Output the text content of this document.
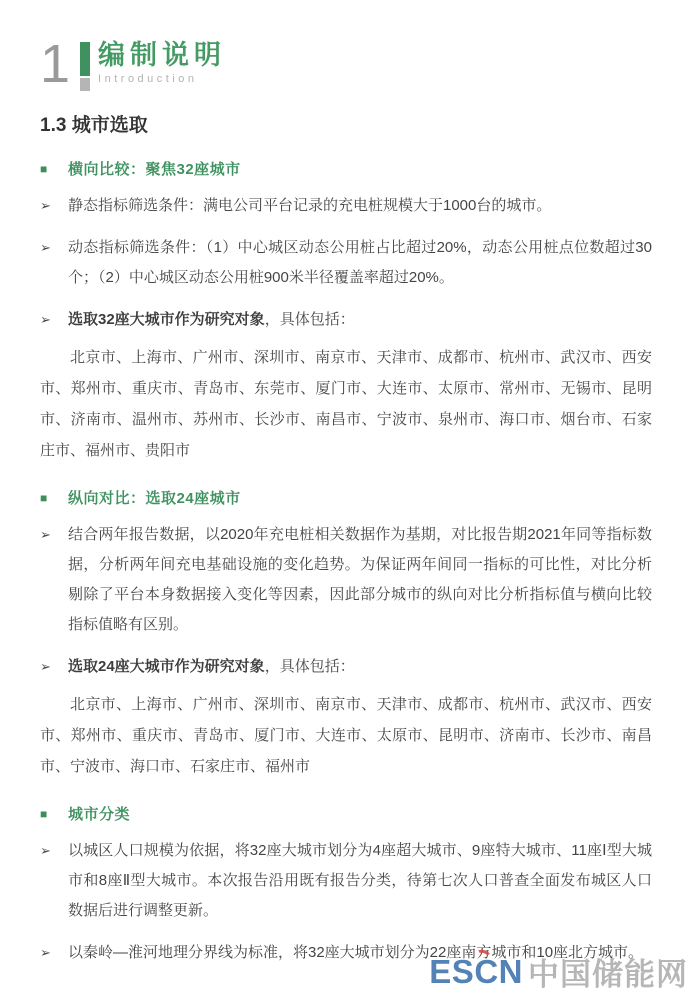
1 编制说明
Introduction
1.3 城市选取
■	横向比较：聚焦32座城市
➢	静态指标筛选条件：满电公司平台记录的充电桩规模大于1000台的城市。

➢	动态指标筛选条件：（1）中心城区动态公用桩占比超过20%，动态公用桩点位数超过30个；（2）中心城区动态公用桩900米半径覆盖率超过20%。

➢	选取32座大城市作为研究对象，具体包括：

北京市、上海市、广州市、深圳市、南京市、天津市、成都市、杭州市、武汉市、西安市、郑州市、重庆市、青岛市、东莞市、厦门市、大连市、太原市、常州市、无锡市、昆明市、济南市、温州市、苏州市、长沙市、南昌市、宁波市、泉州市、海口市、烟台市、石家庄市、福州市、贵阳市

■	纵向对比：选取24座城市
➢	结合两年报告数据，以2020年充电桩相关数据作为基期，对比报告期2021年同等指标数据，分析两年间充电基础设施的变化趋势。为保证两年间同一指标的可比性，对比分析剔除了平台本身数据接入变化等因素，因此部分城市的纵向对比分析指标值与横向比较指标值略有区别。

➢	选取24座大城市作为研究对象，具体包括：

北京市、上海市、广州市、深圳市、南京市、天津市、成都市、杭州市、武汉市、西安市、郑州市、重庆市、青岛市、厦门市、大连市、太原市、昆明市、济南市、长沙市、南昌市、宁波市、海口市、石家庄市、福州市

■	城市分类
➢	以城区人口规模为依据，将32座大城市划分为4座超大城市、9座特大城市、11座Ⅰ型大城市和8座Ⅱ型大城市。本次报告沿用既有报告分类，待第七次人口普查全面发布城区人口数据后进行调整更新。

➢	以秦岭—淮河地理分界线为标准，将32座大城市划分为22座南方城市和10座北方城市。

ES C N 中国储能网
